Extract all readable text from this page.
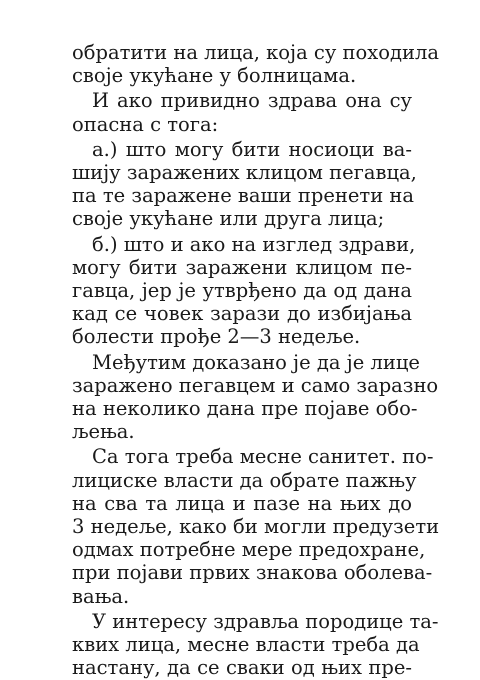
обратити на лица, која су походила

своје укућане у болницама.

И ако привидно здрава она су

опасна с тога:

а.) што могу бити носиоци ва-

шију заражених клицом пегавца,

па те заражене ваши пренети на

своје укућане или друга лица;

б.) што и ако на изглед здрави,

могу бити заражени клицом пе-

гавца, јер је утврђено да од дана

кад се човек зарази до избијања

болести прође 2—3 недеље.

Међутим доказано је да је лице

заражено пегавцем и само заразно

на неколико дана пре појаве обо-

љења.

Са тога треба месне санитет. по-

лициске власти да обрате пажњу

на сва та лица и пазе на њих до

3 недеље, како би могли предузети

одмах потребне мере предохране,

при појави првих знакова оболева-

вања.

У интересу здравља породице та-

квих лица, месне власти треба да

настану, да се сваки од њих пре-
